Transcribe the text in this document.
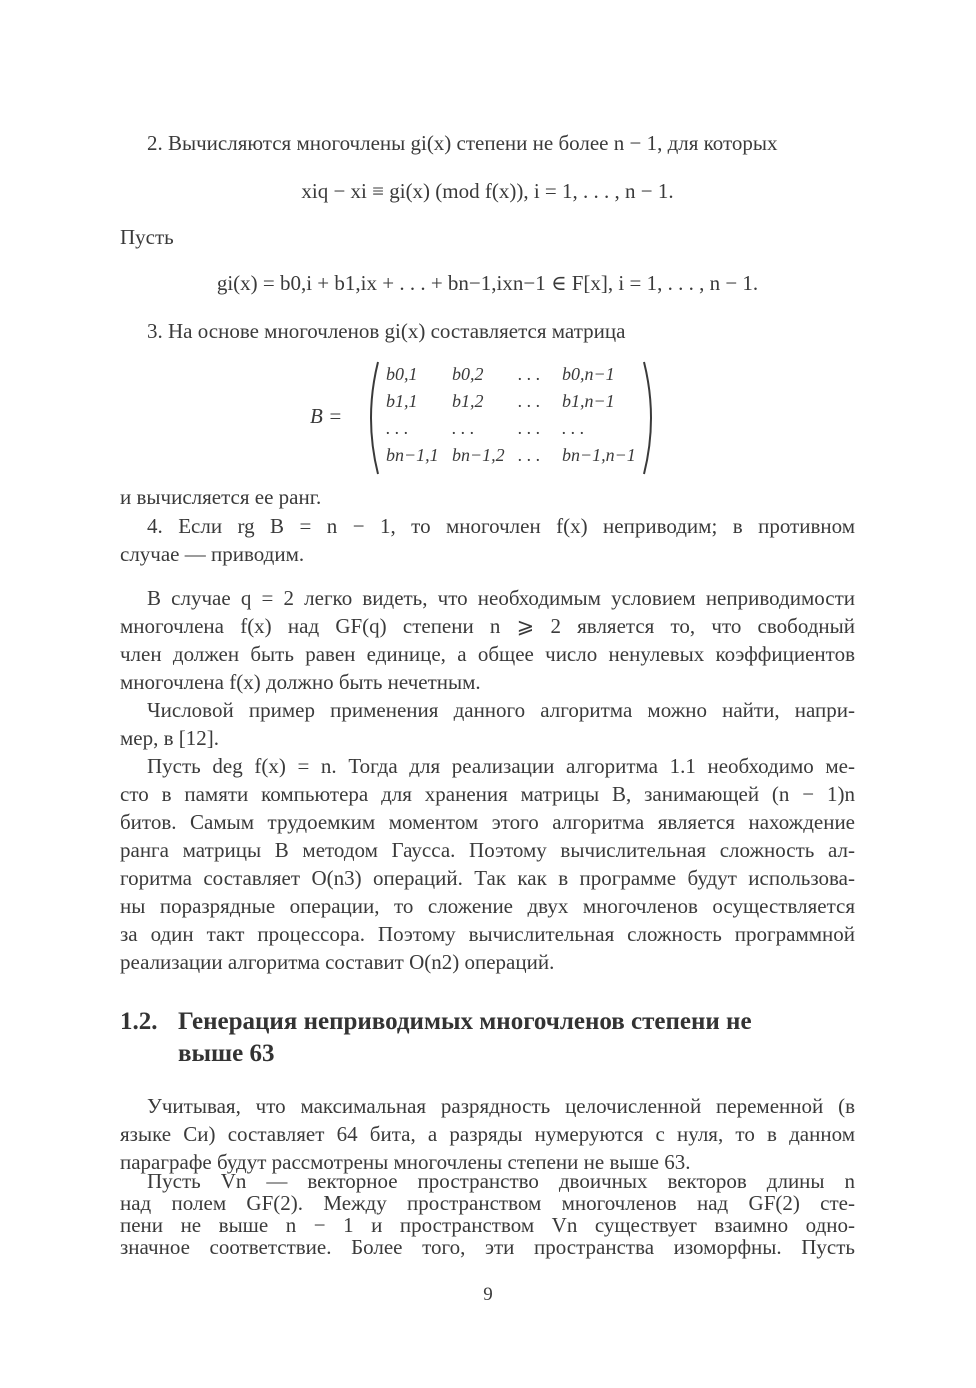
2. Вычисляются многочлены gi(x) степени не более n − 1, для которых
xiq − xi ≡ gi(x) (mod f(x)), i = 1, . . . , n − 1.
Пусть
gi(x) = b0,i + b1,ix + . . . + bn−1,ixn−1 ∈ F[x], i = 1, . . . , n − 1.
3. На основе многочленов gi(x) составляется матрица
B =
b0,1	b0,2	. . .	b0,n−1
b1,1	b1,2	. . .	b1,n−1
. . .	. . .	. . .	. . .
bn−1,1 bn−1,2 . . .	bn−1,n−1
и вычисляется ее ранг.
4. Если rg B = n − 1, то многочлен f(x) неприводим; в противном
случае — приводим.
В случае q = 2 легко видеть, что необходимым условием неприводимости
многочлена f(x) над GF(q) степени n ⩾ 2 является то, что свободный
член должен быть равен единице, а общее число ненулевых коэффициентов
многочлена f(x) должно быть нечетным.
Числовой пример применения данного алгоритма можно найти, напри-
мер, в [12].
Пусть deg f(x) = n. Тогда для реализации алгоритма 1.1 необходимо ме-
сто в памяти компьютера для хранения матрицы B, занимающей (n − 1)n
битов. Самым трудоемким моментом этого алгоритма является нахождение
ранга матрицы B методом Гаусса. Поэтому вычислительная сложность ал-
горитма составляет O(n3) операций. Так как в программе будут использова-
ны поразрядные операции, то сложение двух многочленов осуществляется
за один такт процессора. Поэтому вычислительная сложность программной
реализации алгоритма составит O(n2) операций.
1.2. Генерация неприводимых многочленов степени не
выше 63
Учитывая, что максимальная разрядность целочисленной переменной (в
языке Си) составляет 64 бита, а разряды нумеруются с нуля, то в данном
параграфе будут рассмотрены многочлены степени не выше 63.
Пусть Vn — векторное пространство двоичных векторов длины n
над полем GF(2). Между пространством многочленов над GF(2) сте-
пени не выше n − 1 и пространством Vn существует взаимно одно-
значное соответствие. Более того, эти пространства изоморфны. Пусть
9
